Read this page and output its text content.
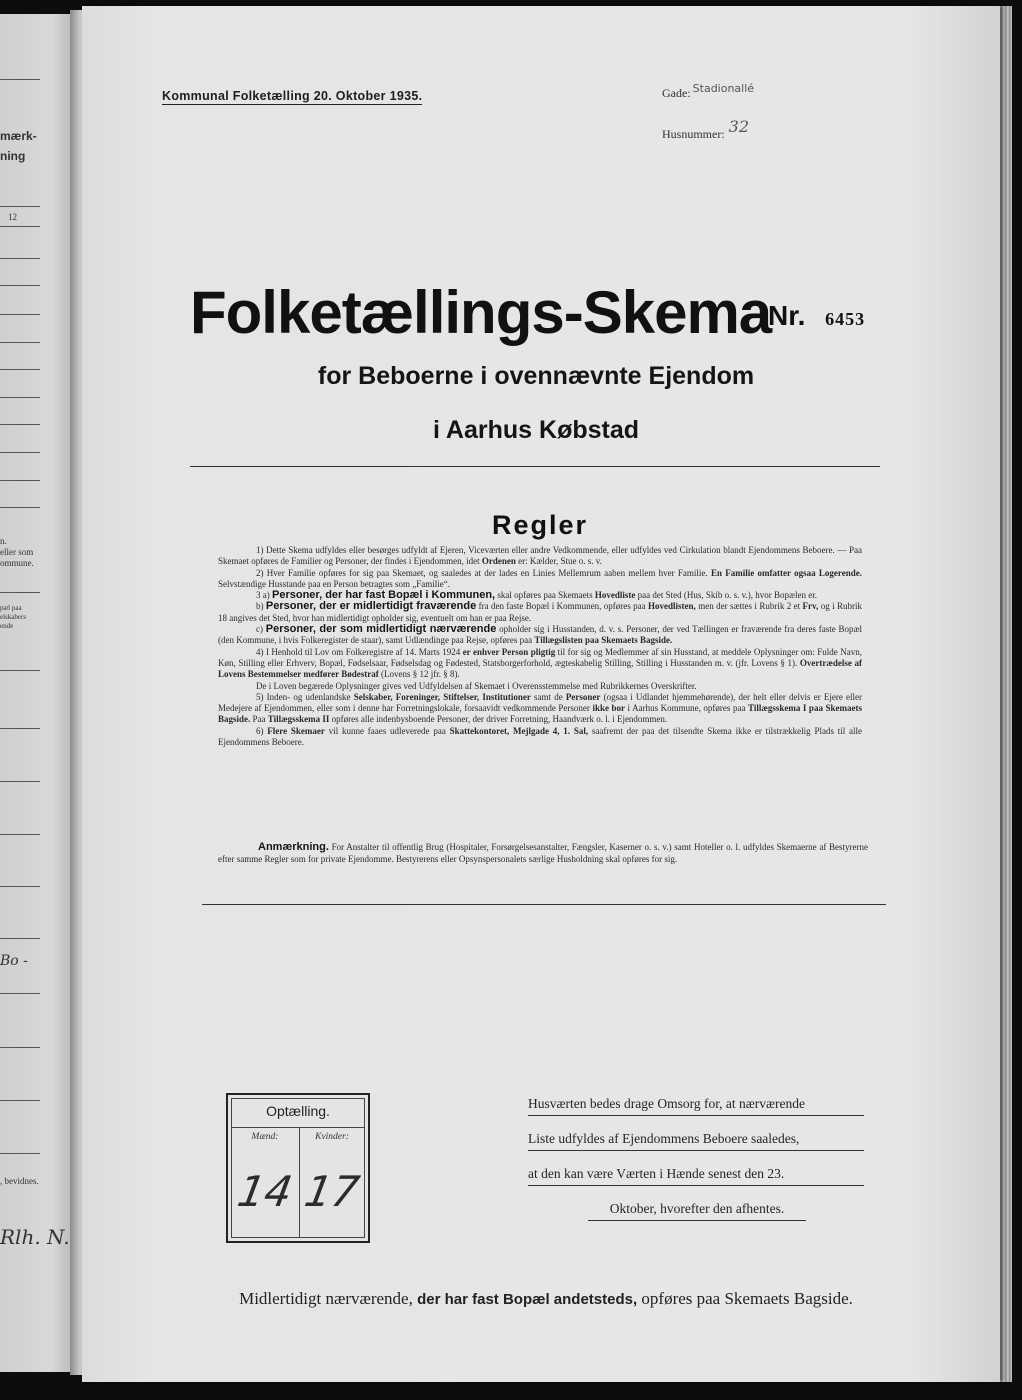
mærk-
ning
12
n.
eller som
ommune.
pæl paa
elskabers
ende
Bo -
, bevidnes.
Rlh. N.
Kommunal Folketælling 20. Oktober 1935.	Gade: $^{Stadionallé}$
Husnummer: 32
Folketællings-Skema
Nr. 6453
for Beboerne i ovennævnte Ejendom
i Aarhus Købstad
Regler

1) Dette Skema udfyldes eller besørges udfyldt af Ejeren, Viceværten eller andre Vedkommende, eller udfyldes ved Cirkulation blandt Ejendommens Beboere. — Paa Skemaet opføres de Familier og Personer, der findes i Ejendommen, idet Ordenen er: Kælder, Stue o. s. v.

2) Hver Familie opføres for sig paa Skemaet, og saaledes at der lades en Linies Mellemrum aaben mellem hver Familie. En Familie omfatter ogsaa Logerende. Selvstændige Husstande paa en Person betragtes som „Familie“.

3 a) Personer, der har fast Bopæl i Kommunen, skal opføres paa Skemaets Hovedliste paa det Sted (Hus, Skib o. s. v.), hvor Bopælen er.

b) Personer, der er midlertidigt fraværende fra den faste Bopæl i Kommunen, opføres paa Hovedlisten, men der sættes i Rubrik 2 et Frv, og i Rubrik 18 angives det Sted, hvor han midlertidigt opholder sig, eventuelt om han er paa Rejse.

c) Personer, der som midlertidigt nærværende opholder sig i Husstanden, d. v. s. Personer, der ved Tællingen er fraværende fra deres faste Bopæl (den Kommune, i hvis Folkeregister de staar), samt Udlændinge paa Rejse, opføres paa Tillægslisten paa Skemaets Bagside.

4) I Henhold til Lov om Folkeregistre af 14. Marts 1924 er enhver Person pligtig til for sig og Medlemmer af sin Husstand, at meddele Oplysninger om: Fulde Navn, Køn, Stilling eller Erhverv, Bopæl, Fødselsaar, Fødselsdag og Fødested, Statsborgerforhold, ægteskabelig Stilling, Stilling i Husstanden m. v. (jfr. Lovens § 1). Overtrædelse af Lovens Bestemmelser medfører Bødestraf (Lovens § 12 jfr. § 8).

De i Loven begærede Oplysninger gives ved Udfyldelsen af Skemaet i Overensstemmelse med Rubrikkernes Overskrifter.

5) Inden- og udenlandske Selskaber, Foreninger, Stiftelser, Institutioner samt de Personer (ogsaa i Udlandet hjemmehørende), der helt eller delvis er Ejere eller Medejere af Ejendommen, eller som i denne har Forretningslokale, forsaavidt vedkommende Personer ikke bor i Aarhus Kommune, opføres paa Tillægsskema I paa Skemaets Bagside. Paa Tillægsskema II opføres alle indenbysboende Personer, der driver Forretning, Haandværk o. l. i Ejendommen.

6) Flere Skemaer vil kunne faaes udleverede paa Skattekontoret, Mejlgade 4, 1. Sal, saafremt der paa det tilsendte Skema ikke er tilstrækkelig Plads til alle Ejendommens Beboere.

Anmærkning. For Anstalter til offentlig Brug (Hospitaler, Forsørgelsesanstalter, Fængsler, Kaserner o. s. v.) samt Hoteller o. l. udfyldes Skemaerne af Bestyrerne efter samme Regler som for private Ejendomme. Bestyrerens eller Opsynspersonalets særlige Husholdning skal opføres for sig.

Optælling.
Mænd:	Kvinder:
14 17
Husværten bedes drage Omsorg for, at nærværende
Liste udfyldes af Ejendommens Beboere saaledes,
at den kan være Værten i Hænde senest den 23.
Oktober, hvorefter den afhentes.
Midlertidigt nærværende, der har fast Bopæl andetsteds, opføres paa Skemaets Bagside.
